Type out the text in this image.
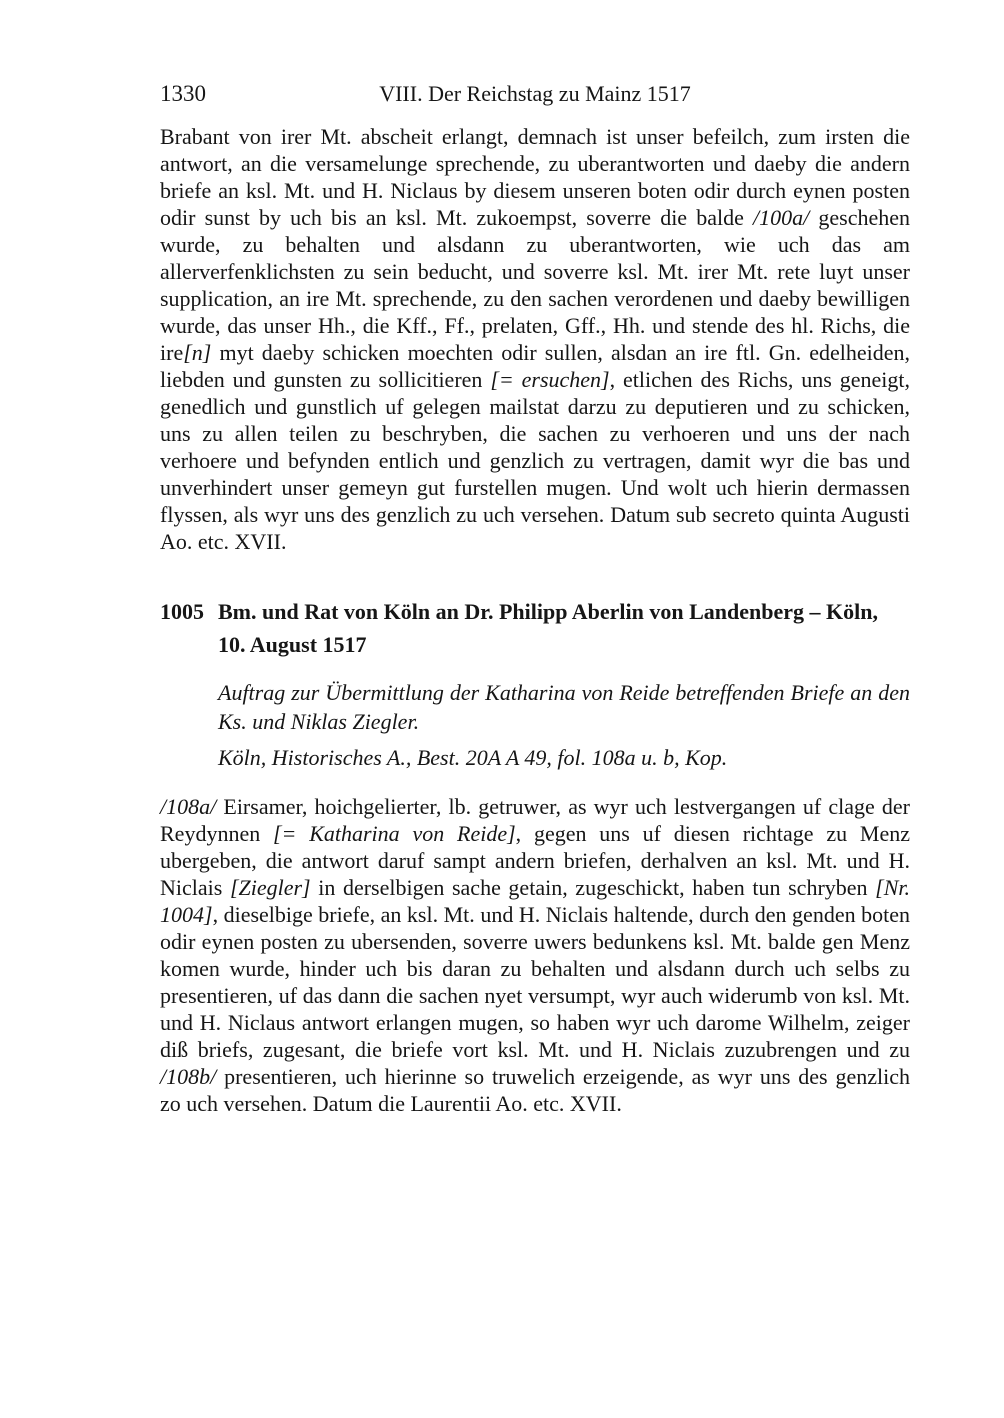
1330	VIII. Der Reichstag zu Mainz 1517
Brabant von irer Mt. abscheit erlangt, demnach ist unser befeilch, zum irsten die antwort, an die versamelunge sprechende, zu uberantworten und daeby die andern briefe an ksl. Mt. und H. Niclaus by diesem unseren boten odir durch eynen posten odir sunst by uch bis an ksl. Mt. zukoempst, soverre die balde /100a/ geschehen wurde, zu behalten und alsdann zu uberantworten, wie uch das am allerverfenklichsten zu sein beducht, und soverre ksl. Mt. irer Mt. rete luyt unser supplication, an ire Mt. sprechende, zu den sachen verordenen und daeby bewilligen wurde, das unser Hh., die Kff., Ff., prelaten, Gff., Hh. und stende des hl. Richs, die ire[n] myt daeby schicken moechten odir sullen, alsdan an ire ftl. Gn. edelheiden, liebden und gunsten zu sollicitieren [= ersuchen], etlichen des Richs, uns geneigt, genedlich und gunstlich uf gelegen mailstat darzu zu deputieren und zu schicken, uns zu allen teilen zu beschryben, die sachen zu verhoeren und uns der nach verhoere und befynden entlich und genzlich zu vertragen, damit wyr die bas und unverhindert unser gemeyn gut furstellen mugen. Und wolt uch hierin dermassen flyssen, als wyr uns des genzlich zu uch versehen. Datum sub secreto quinta Augusti Ao. etc. XVII.
1005 Bm. und Rat von Köln an Dr. Philipp Aberlin von Landenberg – Köln,
10. August 1517
Auftrag zur Übermittlung der Katharina von Reide betreffenden Briefe an den Ks. und Niklas Ziegler.
Köln, Historisches A., Best. 20A A 49, fol. 108a u. b, Kop.
/108a/ Eirsamer, hoichgelierter, lb. getruwer, as wyr uch lestvergangen uf clage der Reydynnen [= Katharina von Reide], gegen uns uf diesen richtage zu Menz ubergeben, die antwort daruf sampt andern briefen, derhalven an ksl. Mt. und H. Niclais [Ziegler] in derselbigen sache getain, zugeschickt, haben tun schryben [Nr. 1004], dieselbige briefe, an ksl. Mt. und H. Niclais haltende, durch den genden boten odir eynen posten zu ubersenden, soverre uwers bedunkens ksl. Mt. balde gen Menz komen wurde, hinder uch bis daran zu behalten und alsdann durch uch selbs zu presentieren, uf das dann die sachen nyet versumpt, wyr auch widerumb von ksl. Mt. und H. Niclaus antwort erlangen mugen, so haben wyr uch darome Wilhelm, zeiger diß briefs, zugesant, die briefe vort ksl. Mt. und H. Niclais zuzubrengen und zu /108b/ presentieren, uch hierinne so truwelich erzeigende, as wyr uns des genzlich zo uch versehen. Datum die Laurentii Ao. etc. XVII.
